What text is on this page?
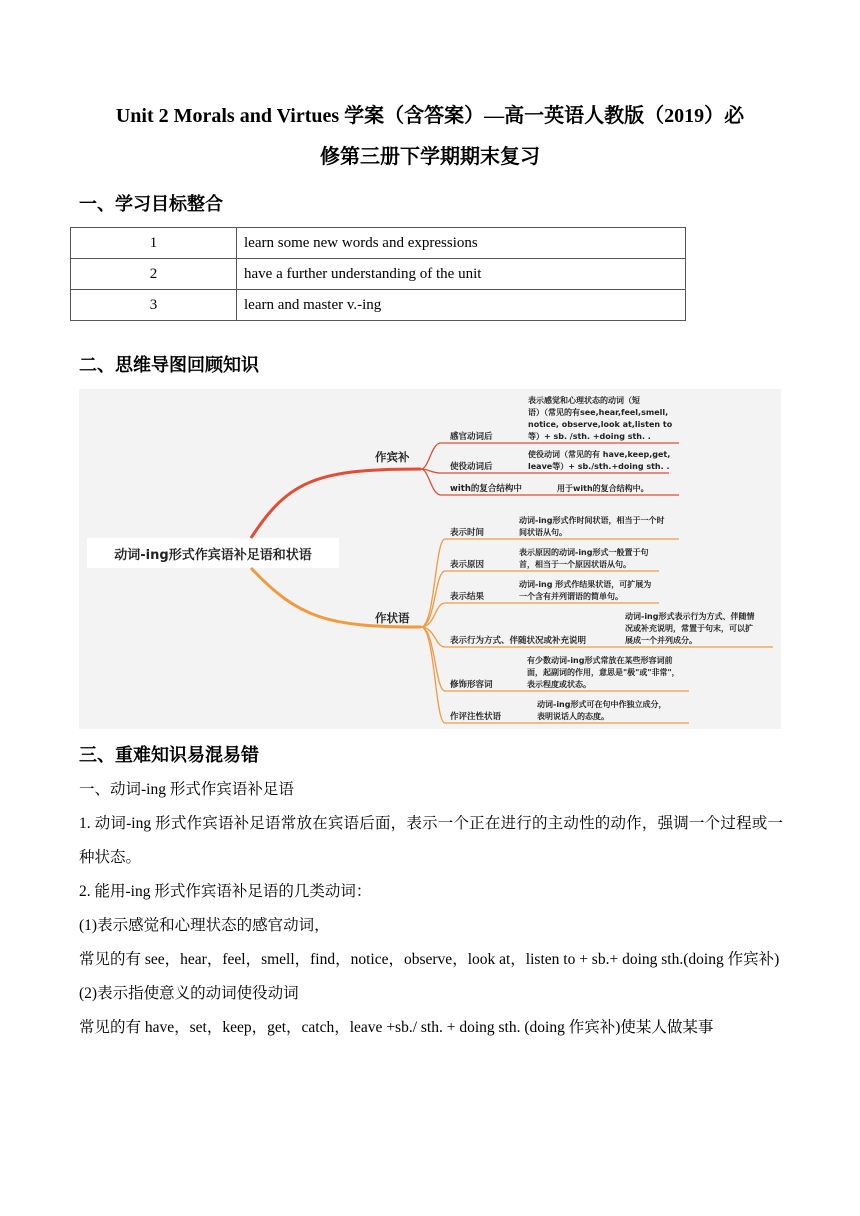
Unit 2 Morals and Virtues 学案（含答案）—高一英语人教版（2019）必
修第三册下学期期末复习
一、学习目标整合
1	learn some new words and expressions
2	have a further understanding of the unit
3	learn and master v.-ing
二、思维导图回顾知识
动词-ing形式作宾语补足语和状语
作宾补
作状语
感官动词后
表示感觉和心理状态的动词（短 语）（常见的有see,hear,feel,smell, notice, observe,look at,listen to 等）+ sb. /sth. +doing sth. .
使役动词后
使役动词（常见的有 have,keep,get, leave等）+ sb./sth.+doing sth. .
with的复合结构中	用于with的复合结构中。
表示时间
动词-ing形式作时间状语，相当于一个时 间状语从句。
表示原因
表示原因的动词-ing形式一般置于句 首，相当于一个原因状语从句。
表示结果
动词-ing 形式作结果状语，可扩展为 一个含有并列谓语的简单句。
表示行为方式、伴随状况或补充说明
动词-ing形式表示行为方式、伴随情 况或补充说明，常置于句末，可以扩 展成一个并列成分。
修饰形容词
有少数动词-ing形式常放在某些形容词前 面，起副词的作用，意思是"极"或"非常"， 表示程度或状态。
作评注性状语
动词-ing形式可在句中作独立成分， 表明说话人的态度。
三、重难知识易混易错

一、动词-ing 形式作宾语补足语

1. 动词-ing 形式作宾语补足语常放在宾语后面，表示一个正在进行的主动性的动作，强调一个过程或一种状态。

2. 能用-ing 形式作宾语补足语的几类动词：

(1)表示感觉和心理状态的感官动词，

常见的有 see，hear，feel，smell，find，notice，observe，look at，listen to + sb.+ doing sth.(doing 作宾补)

(2)表示指使意义的动词使役动词

常见的有 have，set，keep，get，catch，leave +sb./ sth. + doing sth. (doing 作宾补)使某人做某事
